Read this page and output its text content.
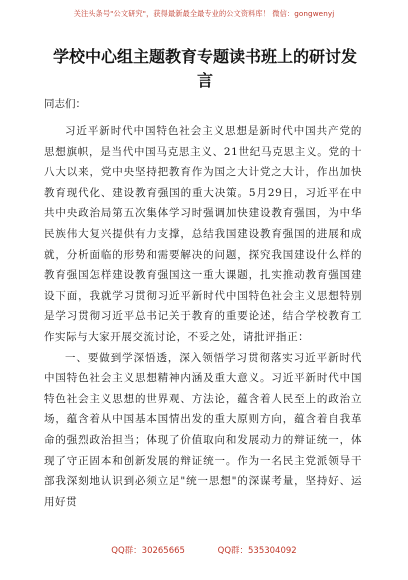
关注头条号"公文研究"，获得最新最全最专业的公文资料库！ 微信：gongwenyj
学校中心组主题教育专题读书班上的研讨发言
同志们：

习近平新时代中国特色社会主义思想是新时代中国共产党的思想旗帜，是当代中国马克思主义、21世纪马克思主义。党的十八大以来，党中央坚持把教育作为国之大计党之大计，作出加快教育现代化、建设教育强国的重大决策。5月29日，习近平在中共中央政治局第五次集体学习时强调加快建设教育强国，为中华民族伟大复兴提供有力支撑，总结我国建设教育强国的进展和成就，分析面临的形势和需要解决的问题，探究我国建设什么样的教育强国怎样建设教育强国这一重大课题，扎实推动教育强国建设下面，我就学习贯彻习近平新时代中国特色社会主义思想特别是学习贯彻习近平总书记关于教育的重要论述，结合学校教育工作实际与大家开展交流讨论，不妥之处，请批评指正：

一、要做到学深悟透，深入领悟学习贯彻落实习近平新时代中国特色社会主义思想精神内涵及重大意义。习近平新时代中国特色社会主义思想的世界观、方法论，蕴含着人民至上的政治立场，蕴含着从中国基本国情出发的重大原则方向，蕴含着自我革命的强烈政治担当；体现了价值取向和发展动力的辩证统一，体现了守正固本和创新发展的辩证统一。作为一名民主党派领导干部我深刻地认识到必须立足"统一思想"的深谋考量，坚持好、运用好贯

QQ群：30265665	QQ群：535304092
